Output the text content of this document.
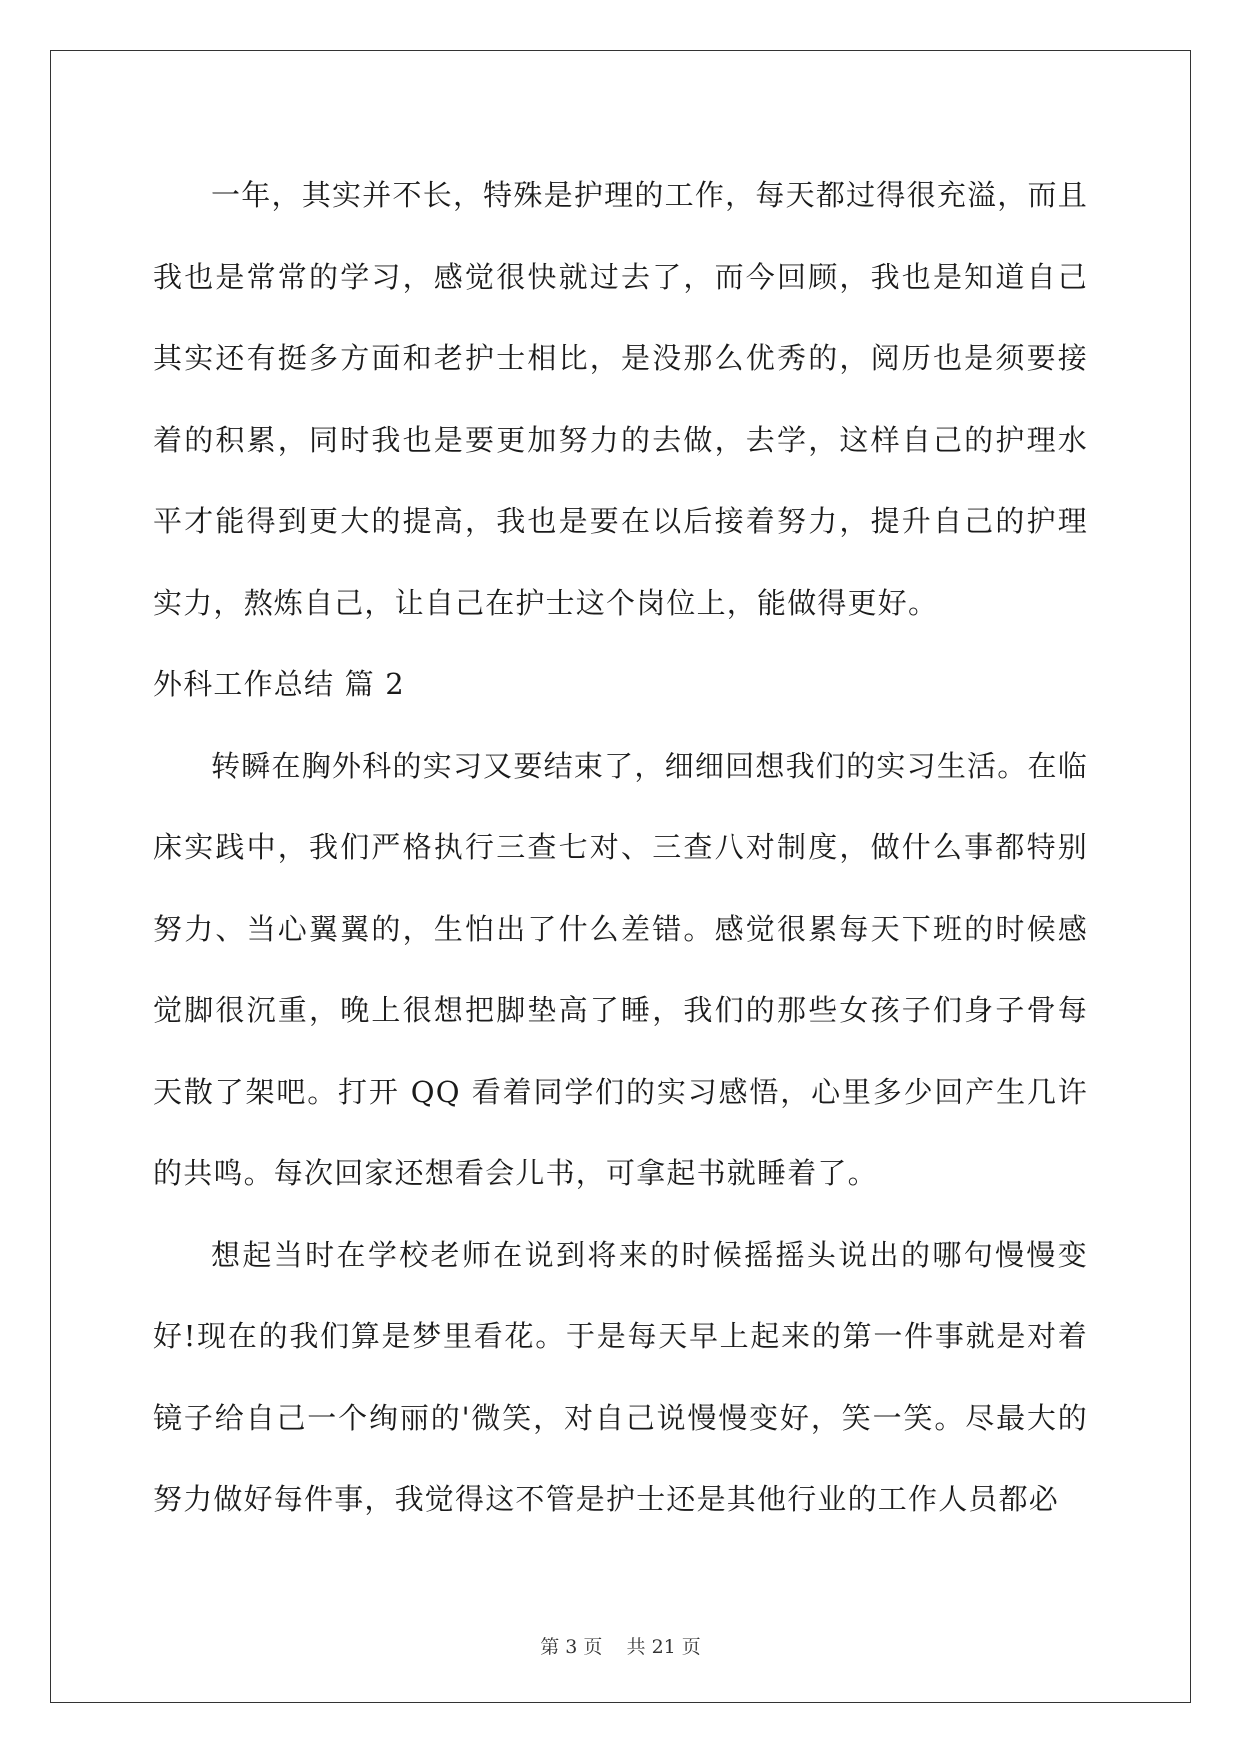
一年，其实并不长，特殊是护理的工作，每天都过得很充溢，而且我也是常常的学习，感觉很快就过去了，而今回顾，我也是知道自己其实还有挺多方面和老护士相比，是没那么优秀的，阅历也是须要接着的积累，同时我也是要更加努力的去做，去学，这样自己的护理水平才能得到更大的提高，我也是要在以后接着努力，提升自己的护理实力，熬炼自己，让自己在护士这个岗位上，能做得更好。

外科工作总结 篇 2

转瞬在胸外科的实习又要结束了，细细回想我们的实习生活。在临床实践中，我们严格执行三查七对、三查八对制度，做什么事都特别努力、当心翼翼的，生怕出了什么差错。感觉很累每天下班的时候感觉脚很沉重，晚上很想把脚垫高了睡，我们的那些女孩子们身子骨每天散了架吧。打开 QQ 看着同学们的实习感悟，心里多少回产生几许的共鸣。每次回家还想看会儿书，可拿起书就睡着了。

想起当时在学校老师在说到将来的时候摇摇头说出的哪句慢慢变好!现在的我们算是梦里看花。于是每天早上起来的第一件事就是对着镜子给自己一个绚丽的'微笑，对自己说慢慢变好，笑一笑。尽最大的努力做好每件事，我觉得这不管是护士还是其他行业的工作人员都必

第 3 页 共 21 页
